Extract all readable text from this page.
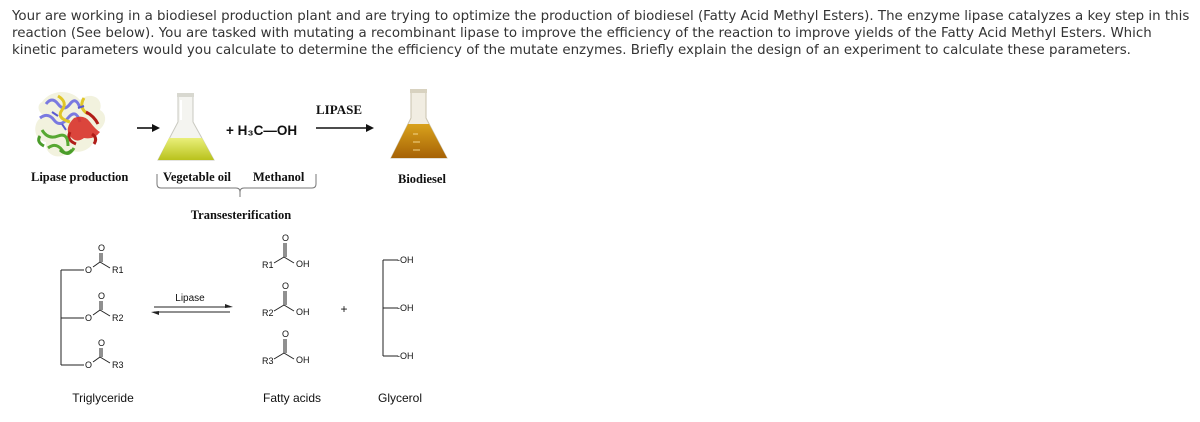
Your are working in a biodiesel production plant and are trying to optimize the production of biodiesel (Fatty Acid Methyl Esters). The enzyme lipase catalyzes a key step in this reaction (See below). You are tasked with mutating a recombinant lipase to improve the efficiency of the reaction to improve yields of the Fatty Acid Methyl Esters. Which kinetic parameters would you calculate to determine the efficiency of the mutate enzymes. Briefly explain the design of an experiment to calculate these parameters.

+ H₃C—OH
LIPASE
Lipase production	Vegetable oil Methanol	Biodiesel
Transesterification
O
O
O
O
O
O
R1
R2
R3
Lipase
O
O
O
R1
R2
R3
OH
OH
OH
+
-OH
-OH
-OH
Triglyceride	Fatty acids	Glycerol
